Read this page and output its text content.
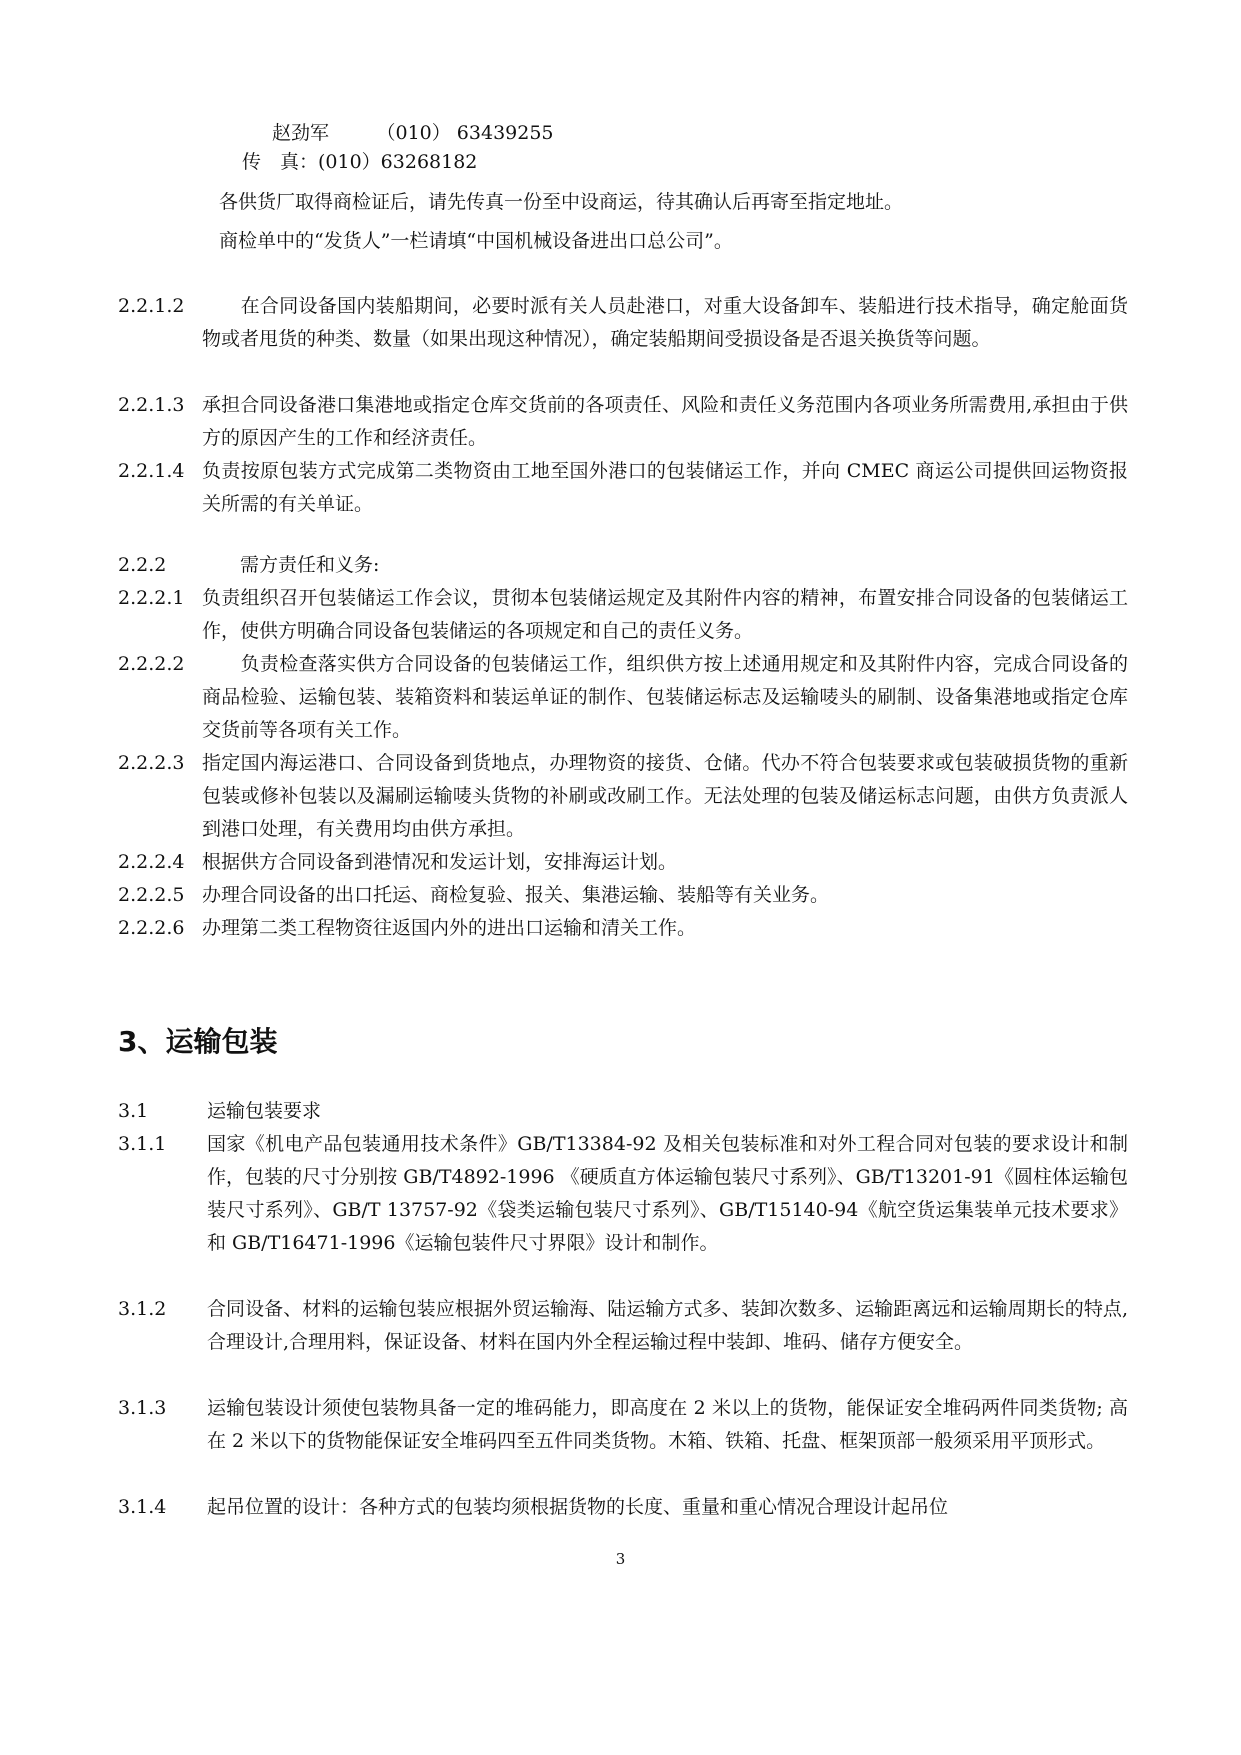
赵劲军　　　（010） 63439255
传　真：(010）63268182
各供货厂取得商检证后，请先传真一份至中设商运，待其确认后再寄至指定地址。
商检单中的“发货人”一栏请填“中国机械设备进出口总公司”。
2.2.1.2 　　在合同设备国内装船期间，必要时派有关人员赴港口，对重大设备卸车、装船进行技术指导，确定舱面货物或者甩货的种类、数量（如果出现这种情况），确定装船期间受损设备是否退关换货等问题。
2.2.1.3 承担合同设备港口集港地或指定仓库交货前的各项责任、风险和责任义务范围内各项业务所需费用,承担由于供方的原因产生的工作和经济责任。
2.2.1.4 负责按原包装方式完成第二类物资由工地至国外港口的包装储运工作，并向 CMEC 商运公司提供回运物资报关所需的有关单证。
2.2.2 　　需方责任和义务:
2.2.2.1 负责组织召开包装储运工作会议，贯彻本包装储运规定及其附件内容的精神，布置安排合同设备的包装储运工作，使供方明确合同设备包装储运的各项规定和自己的责任义务。
2.2.2.2 　　负责检查落实供方合同设备的包装储运工作，组织供方按上述通用规定和及其附件内容，完成合同设备的商品检验、运输包装、装箱资料和装运单证的制作、包装储运标志及运输唛头的刷制、设备集港地或指定仓库交货前等各项有关工作。
2.2.2.3 指定国内海运港口、合同设备到货地点，办理物资的接货、仓储。代办不符合包装要求或包装破损货物的重新包装或修补包装以及漏刷运输唛头货物的补刷或改刷工作。无法处理的包装及储运标志问题，由供方负责派人到港口处理，有关费用均由供方承担。
2.2.2.4 根据供方合同设备到港情况和发运计划，安排海运计划。
2.2.2.5 办理合同设备的出口托运、商检复验、报关、集港运输、装船等有关业务。
2.2.2.6 办理第二类工程物资往返国内外的进出口运输和清关工作。
3、运输包装
3.1	运输包装要求
3.1.1 国家《机电产品包装通用技术条件》GB/T13384-92 及相关包装标准和对外工程合同对包装的要求设计和制作，包装的尺寸分别按 GB/T4892-1996 《硬质直方体运输包装尺寸系列》、GB/T13201-91《圆柱体运输包装尺寸系列》、GB/T 13757-92《袋类运输包装尺寸系列》、GB/T15140-94《航空货运集装单元技术要求》和 GB/T16471-1996《运输包装件尺寸界限》设计和制作。
3.1.2 合同设备、材料的运输包装应根据外贸运输海、陆运输方式多、装卸次数多、运输距离远和运输周期长的特点,合理设计,合理用料，保证设备、材料在国内外全程运输过程中装卸、堆码、储存方便安全。
3.1.3 运输包装设计须使包装物具备一定的堆码能力，即高度在 2 米以上的货物，能保证安全堆码两件同类货物; 高在 2 米以下的货物能保证安全堆码四至五件同类货物。木箱、铁箱、托盘、框架顶部一般须采用平顶形式。
3.1.4 起吊位置的设计：各种方式的包装均须根据货物的长度、重量和重心情况合理设计起吊位
3
